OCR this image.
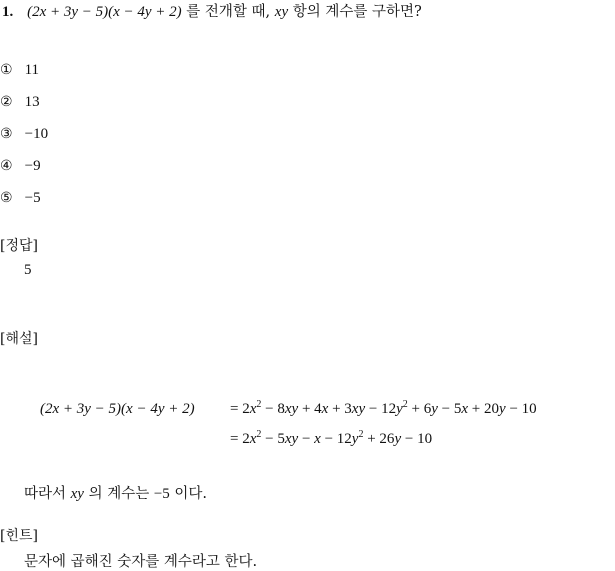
1. (2x + 3y − 5)(x − 4y + 2) 를 전개할 때, xy 항의 계수를 구하면?
① 11
② 13
③ −10
④ −9
⑤ −5
[정답]
5
[해설]
$(2x + 3y - 5)(x - 4y + 2) = 2x^2 - 8xy + 4x + 3xy - 12y^2 + 6y - 5x + 20y - 10$
= $2x^2 - 5xy - x - 12y^2 + 26y - 10$
따라서 xy 의 계수는 −5 이다.
[힌트]
문자에 곱해진 숫자를 계수라고 한다.
